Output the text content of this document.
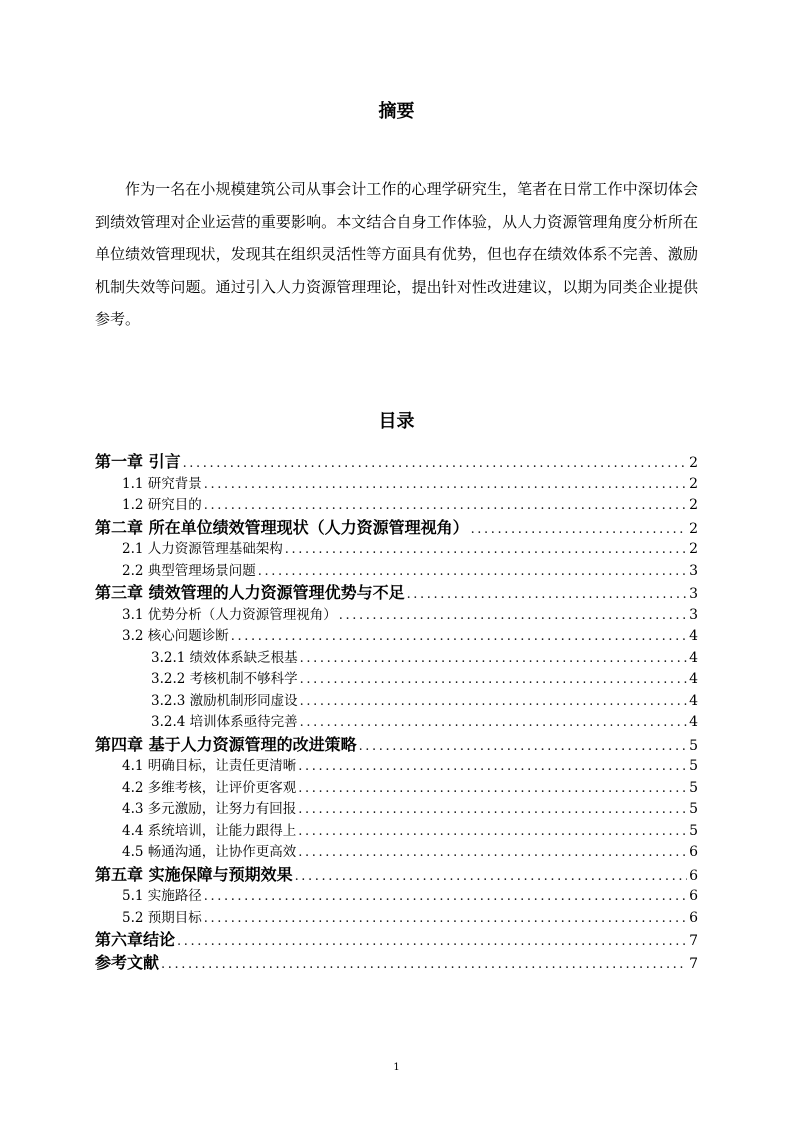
摘要
作为一名在小规模建筑公司从事会计工作的心理学研究生，笔者在日常工作中深切体会到绩效管理对企业运营的重要影响。本文结合自身工作体验，从人力资源管理角度分析所在单位绩效管理现状，发现其在组织灵活性等方面具有优势，但也存在绩效体系不完善、激励机制失效等问题。通过引入人力资源管理理论，提出针对性改进建议，以期为同类企业提供参考。
目录
第一章 引言 .....	2
1.1 研究背景 .....	2
1.2 研究目的 .....	2
第二章 所在单位绩效管理现状（人力资源管理视角） .....	2
2.1 人力资源管理基础架构 .....	2
2.2 典型管理场景问题 .....	3
第三章 绩效管理的人力资源管理优势与不足 .....	3
3.1 优势分析（人力资源管理视角） .....	3
3.2 核心问题诊断 .....	4
3.2.1 绩效体系缺乏根基 .....	4
3.2.2 考核机制不够科学 .....	4
3.2.3 激励机制形同虚设 .....	4
3.2.4 培训体系亟待完善 .....	4
第四章 基于人力资源管理的改进策略 .....	5
4.1 明确目标，让责任更清晰 .....	5
4.2 多维考核，让评价更客观 .....	5
4.3 多元激励，让努力有回报 .....	5
4.4 系统培训，让能力跟得上 .....	5
4.5 畅通沟通，让协作更高效 .....	6
第五章 实施保障与预期效果 .....	6
5.1 实施路径 .....	6
5.2 预期目标 .....	6
第六章结论 .....	7
参考文献 .....	7
1
